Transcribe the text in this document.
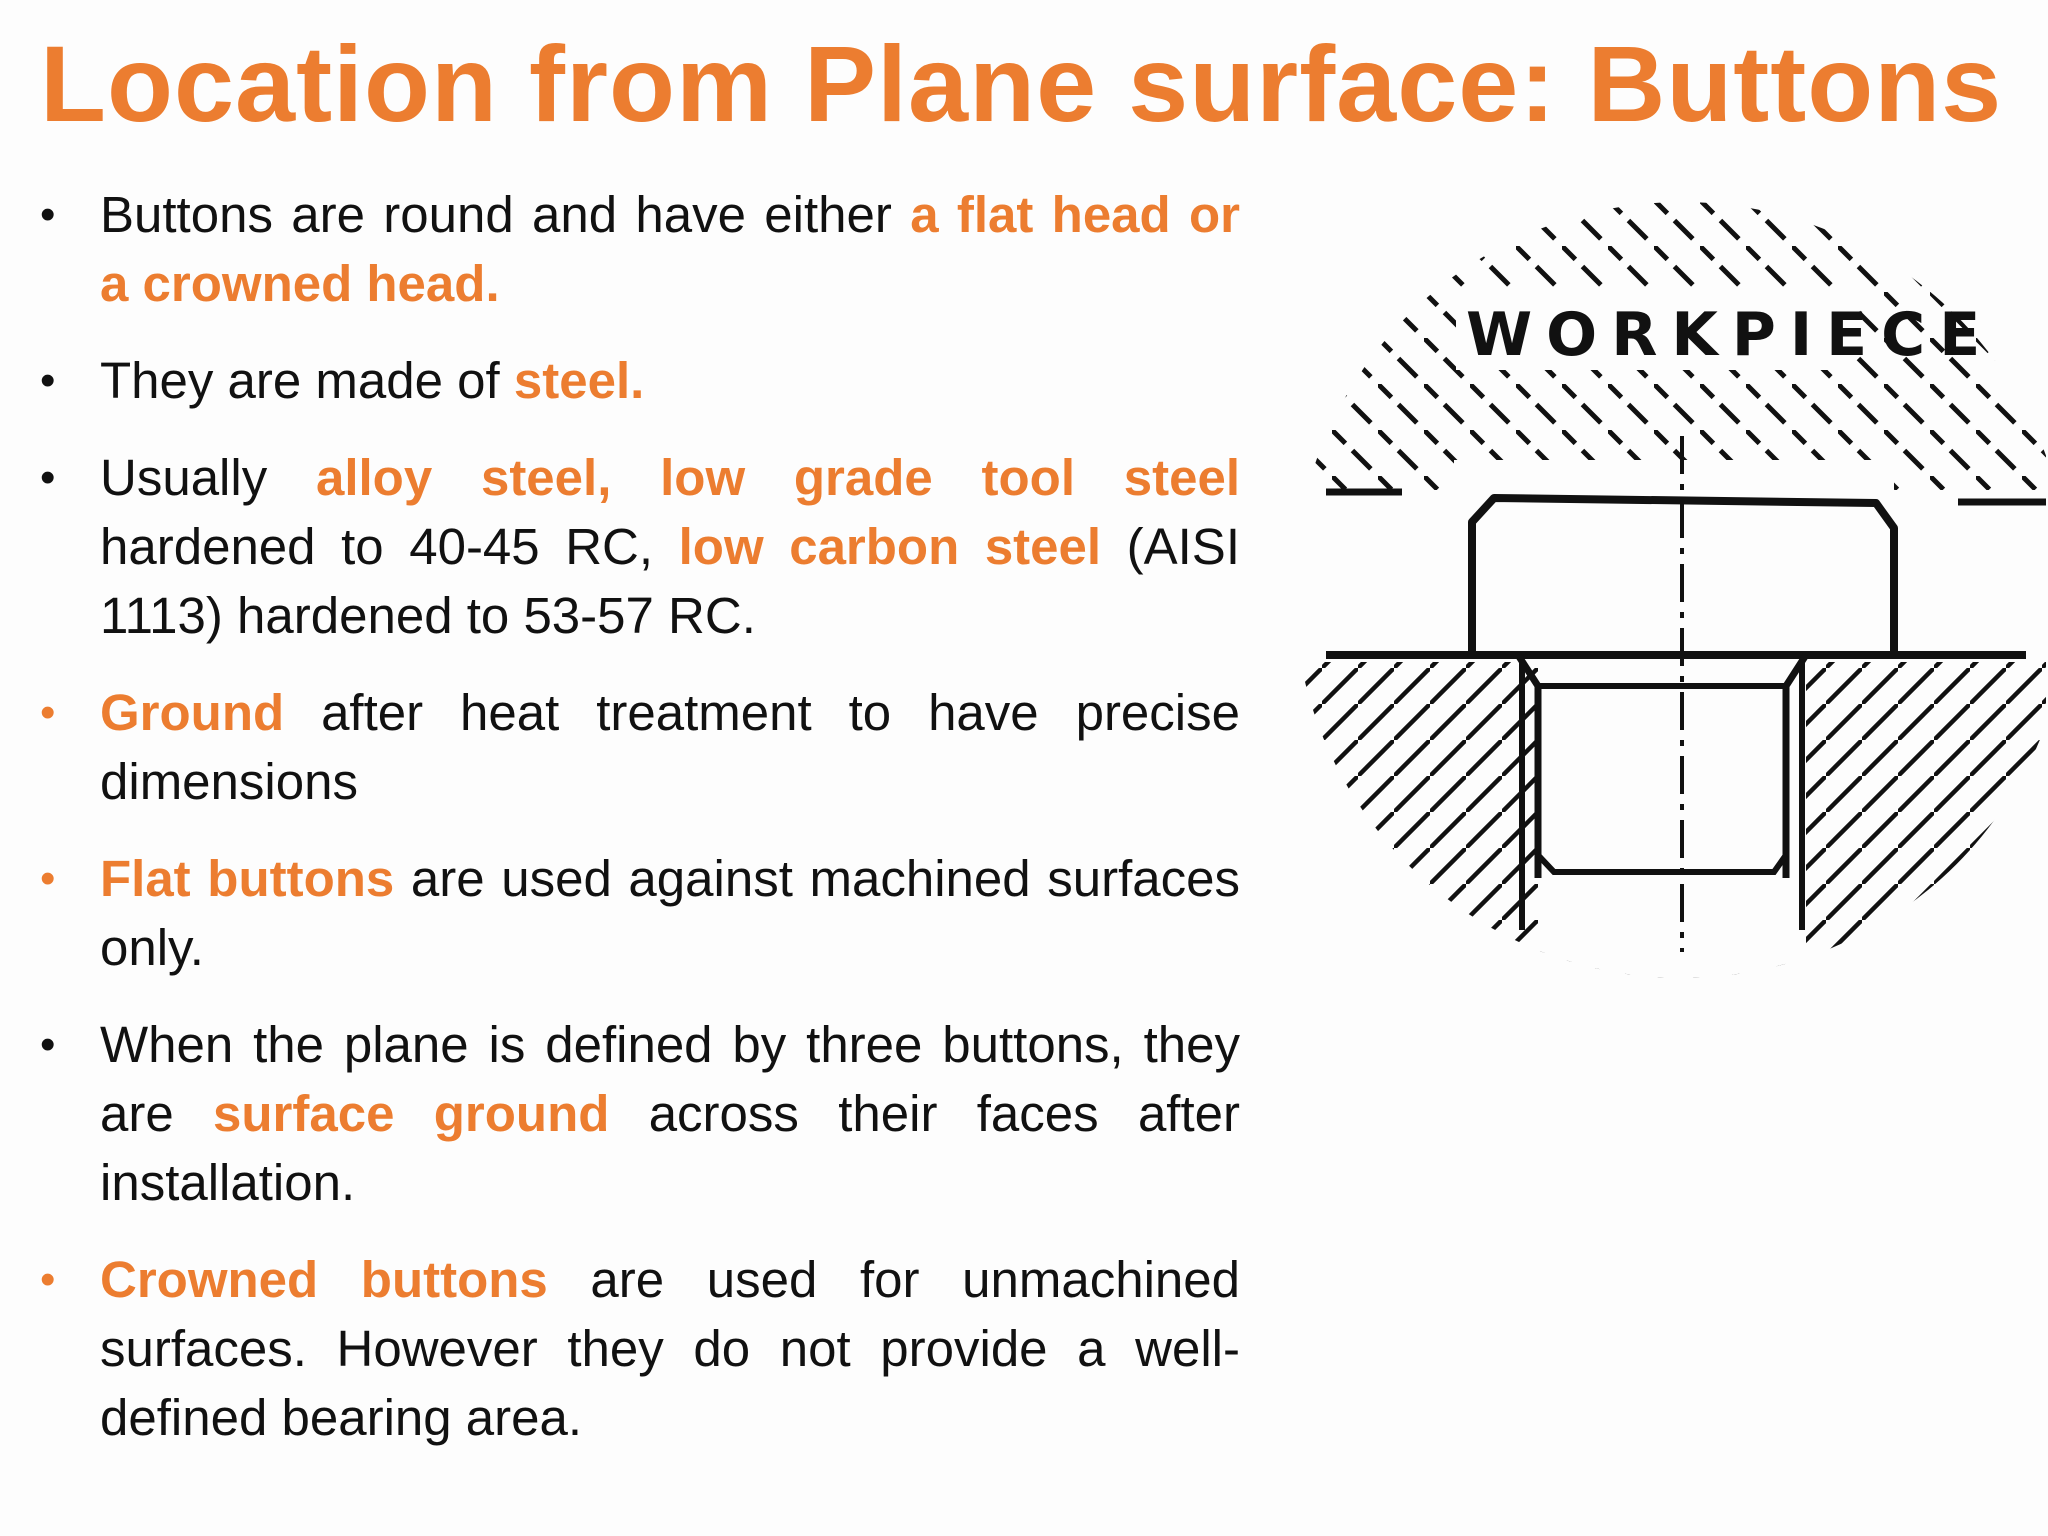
Location from Plane surface: Buttons
• Buttons are round and have either a flat head or a crowned head.
• They are made of steel.
• Usually alloy steel, low grade tool steel hardened to 40-45 RC, low carbon steel (AISI 1113) hardened to 53-57 RC.
• Ground after heat treatment to have precise dimensions
• Flat buttons are used against machined surfaces only.
• When the plane is defined by three buttons, they are surface ground across their faces after installation.
• Crowned buttons are used for unmachined surfaces. However they do not provide a well-defined bearing area.
WORKPIECE
